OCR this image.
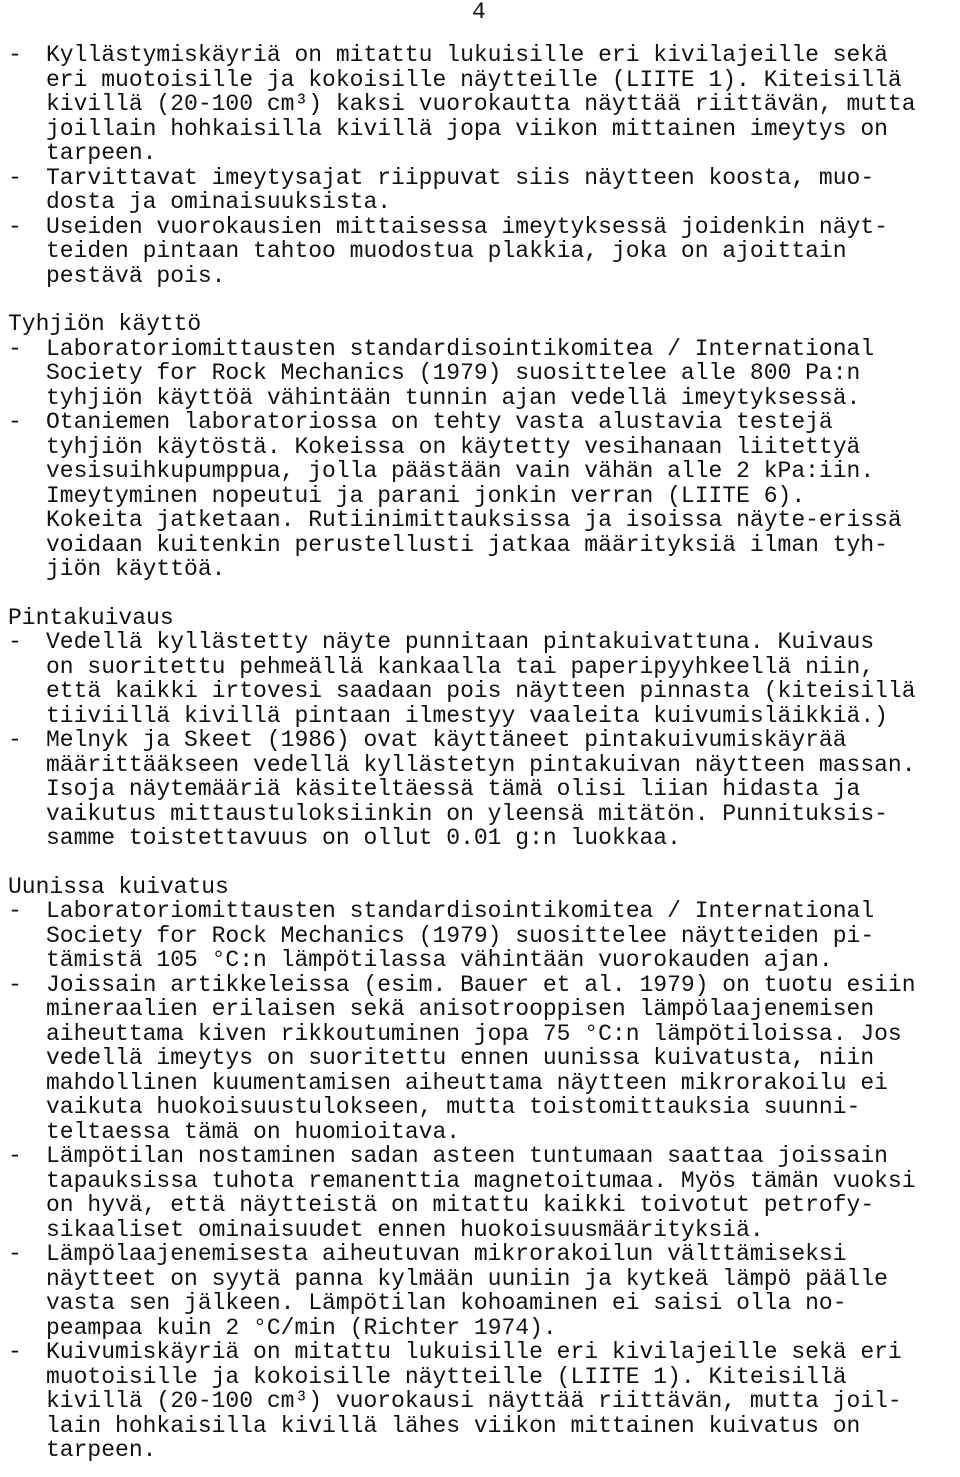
4
-	Kyllästymiskäyriä on mitattu lukuisille eri kivilajeille sekä
eri muotoisille ja kokoisille näytteille (LIITE 1). Kiteisillä
kivillä (20-100 cm³) kaksi vuorokautta näyttää riittävän, mutta
joillain hohkaisilla kivillä jopa viikon mittainen imeytys on
tarpeen.
-	Tarvittavat imeytysajat riippuvat siis näytteen koosta, muo-
dosta ja ominaisuuksista.
-	Useiden vuorokausien mittaisessa imeytyksessä joidenkin näyt-
teiden pintaan tahtoo muodostua plakkia, joka on ajoittain
pestävä pois.
Tyhjiön käyttö
-	Laboratoriomittausten standardisointikomitea / International
Society for Rock Mechanics (1979) suosittelee alle 800 Pa:n
tyhjiön käyttöä vähintään tunnin ajan vedellä imeytyksessä.
-	Otaniemen laboratoriossa on tehty vasta alustavia testejä
tyhjiön käytöstä. Kokeissa on käytetty vesihanaan liitettyä
vesisuihkupumppua, jolla päästään vain vähän alle 2 kPa:iin.
Imeytyminen nopeutui ja parani jonkin verran (LIITE 6).
Kokeita jatketaan. Rutiinimittauksissa ja isoissa näyte-erissä
voidaan kuitenkin perustellusti jatkaa määrityksiä ilman tyh-
jiön käyttöä.
Pintakuivaus
-	Vedellä kyllästetty näyte punnitaan pintakuivattuna. Kuivaus
on suoritettu pehmeällä kankaalla tai paperipyyhkeellä niin,
että kaikki irtovesi saadaan pois näytteen pinnasta (kiteisillä
tiiviillä kivillä pintaan ilmestyy vaaleita kuivumisläikkiä.)
-	Melnyk ja Skeet (1986) ovat käyttäneet pintakuivumiskäyrää
määrittääkseen vedellä kyllästetyn pintakuivan näytteen massan.
Isoja näytemääriä käsiteltäessä tämä olisi liian hidasta ja
vaikutus mittaustuloksiinkin on yleensä mitätön. Punnituksis-
samme toistettavuus on ollut 0.01 g:n luokkaa.
Uunissa kuivatus
-	Laboratoriomittausten standardisointikomitea / International
Society for Rock Mechanics (1979) suosittelee näytteiden pi-
tämistä 105 °C:n lämpötilassa vähintään vuorokauden ajan.
-	Joissain artikkeleissa (esim. Bauer et al. 1979) on tuotu esiin
mineraalien erilaisen sekä anisotrooppisen lämpölaajenemisen
aiheuttama kiven rikkoutuminen jopa 75 °C:n lämpötiloissa. Jos
vedellä imeytys on suoritettu ennen uunissa kuivatusta, niin
mahdollinen kuumentamisen aiheuttama näytteen mikrorakoilu ei
vaikuta huokoisuustulokseen, mutta toistomittauksia suunni-
teltaessa tämä on huomioitava.
-	Lämpötilan nostaminen sadan asteen tuntumaan saattaa joissain
tapauksissa tuhota remanenttia magnetoitumaa. Myös tämän vuoksi
on hyvä, että näytteistä on mitattu kaikki toivotut petrofy-
sikaaliset ominaisuudet ennen huokoisuusmäärityksiä.
-	Lämpölaajenemisesta aiheutuvan mikrorakoilun välttämiseksi
näytteet on syytä panna kylmään uuniin ja kytkeä lämpö päälle
vasta sen jälkeen. Lämpötilan kohoaminen ei saisi olla no-
peampaa kuin 2 °C/min (Richter 1974).
-	Kuivumiskäyriä on mitattu lukuisille eri kivilajeille sekä eri
muotoisille ja kokoisille näytteille (LIITE 1). Kiteisillä
kivillä (20-100 cm³) vuorokausi näyttää riittävän, mutta joil-
lain hohkaisilla kivillä lähes viikon mittainen kuivatus on
tarpeen.
